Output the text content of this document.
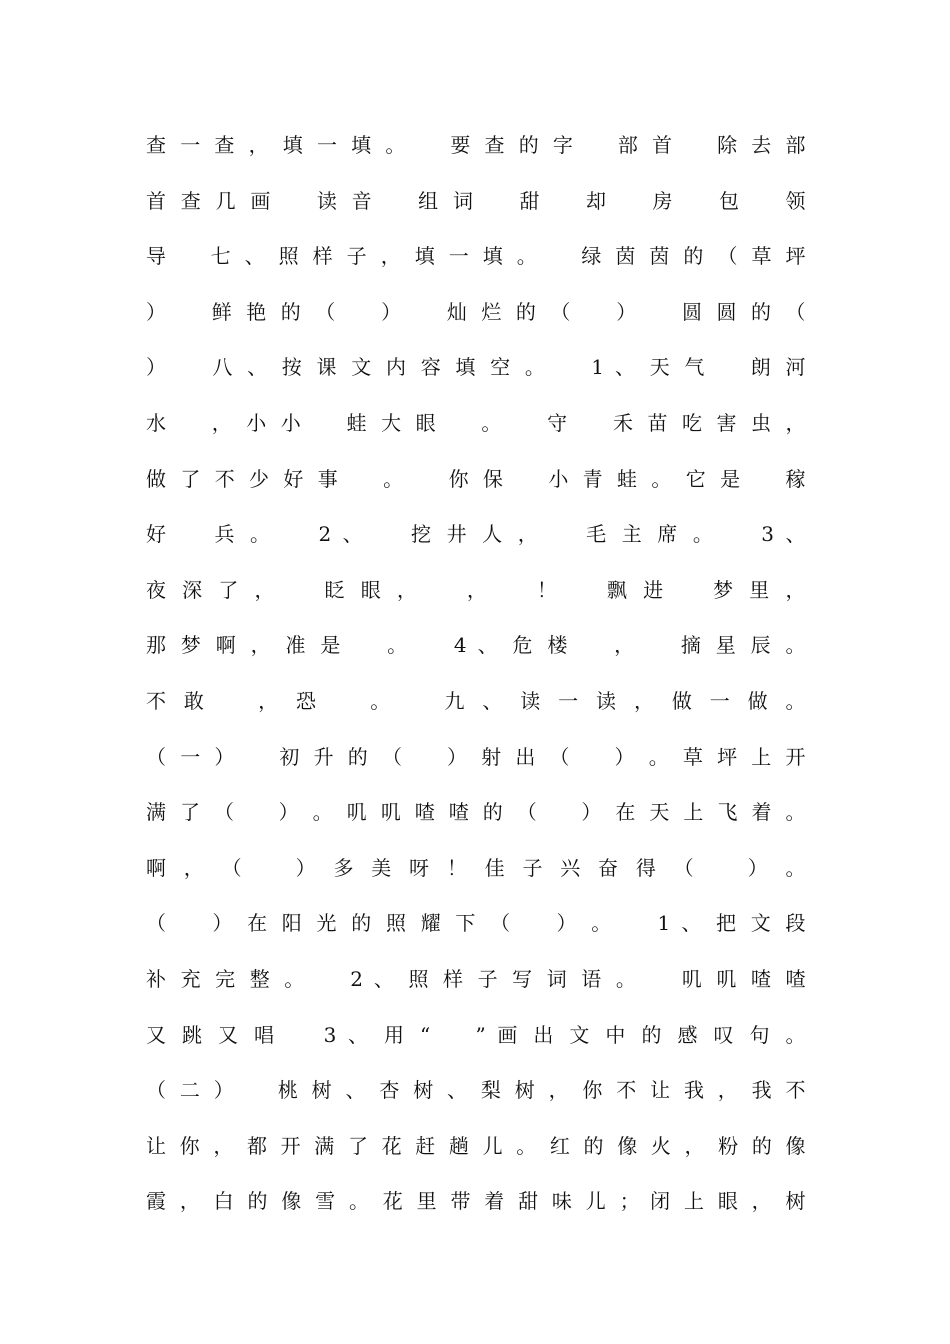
查 一 查 ， 填 一 填 。    要 查 的 字    部 首    除 去 部
首 查 几 画    读 音    组 词    甜    却    房    包    领
导    七 、 照 样 子 ， 填 一 填 。    绿 茵 茵 的 （ 草 坪
）    鲜 艳 的 （    ）    灿 烂 的 （    ）    圆 圆 的 （
）    八 、 按 课 文 内 容 填 空 。    1 、 天 气    朗 河
水    ， 小 小    蛙 大 眼    。    守    禾 苗 吃 害 虫 ，
做 了 不 少 好 事    。    你 保    小 青 蛙 。 它 是    稼
好    兵 。    2 、    挖 井 人 ，    毛 主 席 。    3 、
夜 深 了 ，    眨 眼 ，    ，    ！    飘 进    梦 里 ，
那 梦 啊 ， 准 是    。    4 、 危 楼    ，    摘 星 辰 。
不 敢    ， 恐    。    九 、 读 一 读 ， 做 一 做 。
（ 一 ）    初 升 的 （    ） 射 出 （    ） 。 草 坪 上 开
满 了 （    ） 。 叽 叽 喳 喳 的 （    ） 在 天 上 飞 着 。
啊 ， （    ） 多 美 呀 ！ 佳 子 兴 奋 得 （    ） 。
（    ） 在 阳 光 的 照 耀 下 （    ） 。    1 、 把 文 段
补 充 完 整 。    2 、 照 样 子 写 词 语 。    叽 叽 喳 喳
又 跳 又 唱    3 、 用 “    ” 画 出 文 中 的 感 叹 句 。
（ 二 ）    桃 树 、 杏 树 、 梨 树 ， 你 不 让 我 ， 我 不
让 你 ， 都 开 满 了 花 赶 趟 儿 。 红 的 像 火 ， 粉 的 像
霞 ， 白 的 像 雪 。 花 里 带 着 甜 味 儿 ； 闭 上 眼 ， 树
